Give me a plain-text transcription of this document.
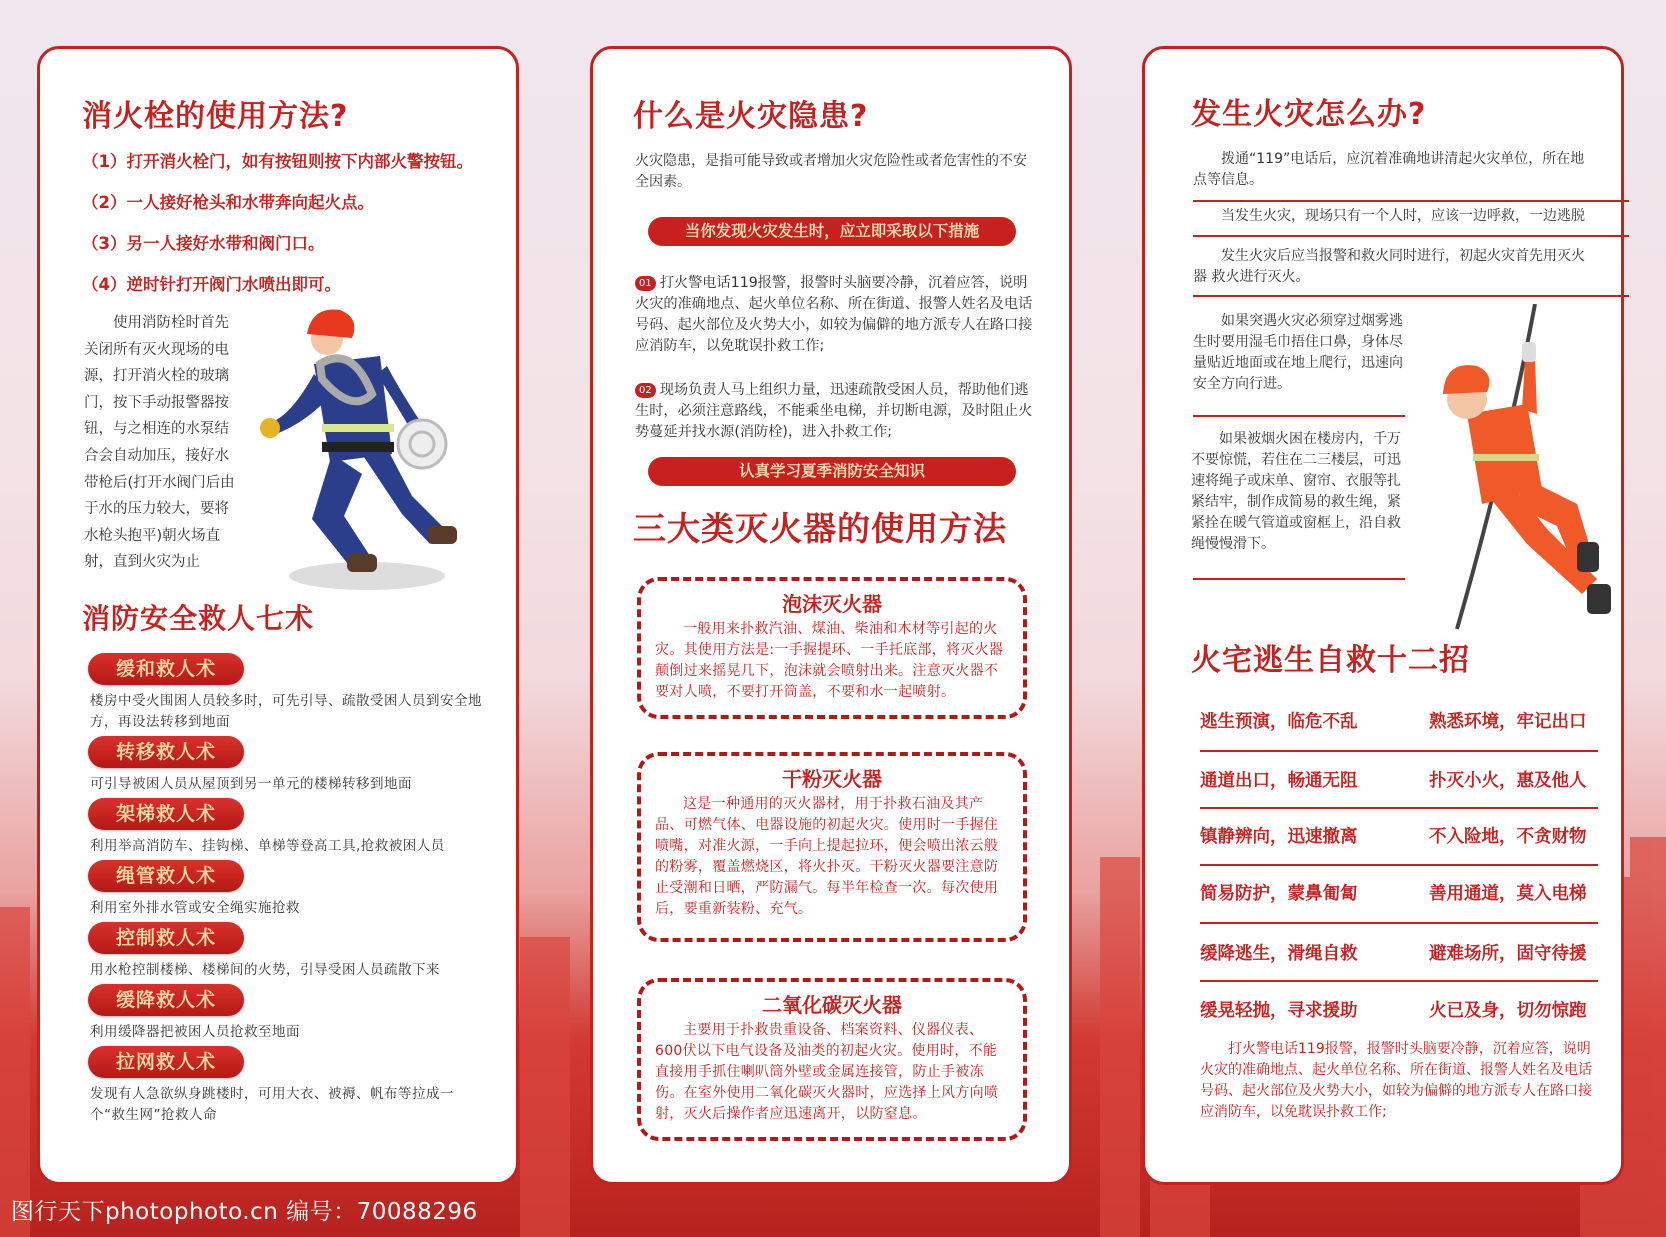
消火栓的使用方法?
（1）打开消火栓门，如有按钮则按下内部火警按钮。
（2）一人接好枪头和水带奔向起火点。
（3）另一人接好水带和阀门口。
（4）逆时针打开阀门水喷出即可。
使用消防栓时首先关闭所有灭火现场的电源，打开消火栓的玻璃门，按下手动报警器按钮，与之相连的水泵结合会自动加压，接好水带枪后(打开水阀门后由于水的压力较大，要将水枪头抱平)朝火场直射，直到火灾为止
消防安全救人七术
缓和救人术
楼房中受火围困人员较多时，可先引导、疏散受困人员到安全地方，再设法转移到地面
转移救人术
可引导被困人员从屋顶到另一单元的楼梯转移到地面
架梯救人术
利用举高消防车、挂钩梯、单梯等登高工具,抢救被困人员
绳管救人术
利用室外排水管或安全绳实施抢救
控制救人术
用水枪控制楼梯、楼梯间的火势，引导受困人员疏散下来
缓降救人术
利用缓降器把被困人员抢救至地面
拉网救人术
发现有人急欲纵身跳楼时，可用大衣、被褥、帆布等拉成一个“救生网”抢救人命
什么是火灾隐患?
火灾隐患，是指可能导致或者增加火灾危险性或者危害性的不安全因素。
当你发现火灾发生时，应立即采取以下措施
01 打火警电话119报警，报警时头脑要冷静，沉着应答，说明火灾的准确地点、起火单位名称、所在街道、报警人姓名及电话号码、起火部位及火势大小，如较为偏僻的地方派专人在路口接应消防车，以免耽误扑救工作;
02 现场负责人马上组织力量，迅速疏散受困人员，帮助他们逃生时，必须注意路线，不能乘坐电梯，并切断电源，及时阻止火势蔓延并找水源(消防栓)，进入扑救工作;
认真学习夏季消防安全知识
三大类灭火器的使用方法
泡沫灭火器
一般用来扑救汽油、煤油、柴油和木材等引起的火灾。其使用方法是:一手握提环、一手托底部，将灭火器颠倒过来摇晃几下，泡沫就会喷射出来。注意灭火器不要对人喷，不要打开筒盖，不要和水一起喷射。
干粉灭火器
这是一种通用的灭火器材，用于扑救石油及其产品、可燃气体、电器设施的初起火灾。使用时一手握住喷嘴，对准火源，一手向上提起拉环，便会喷出浓云般的粉雾，覆盖燃烧区，将火扑灭。干粉灭火器要注意防止受潮和日晒，严防漏气。每半年检查一次。每次使用后，要重新装粉、充气。
二氧化碳灭火器
主要用于扑救贵重设备、档案资料、仪器仪表、600伏以下电气设备及油类的初起火灾。使用时，不能直接用手抓住喇叭筒外壁或金属连接管，防止手被冻伤。在室外使用二氧化碳灭火器时，应选择上风方向喷射，灭火后操作者应迅速离开，以防窒息。
发生火灾怎么办?
拨通“119”电话后，应沉着准确地讲清起火灾单位，所在地点等信息。
当发生火灾，现场只有一个人时，应该一边呼救，一边逃脱
发生火灾后应当报警和救火同时进行，初起火灾首先用灭火器 救火进行灭火。
如果突遇火灾必须穿过烟雾逃生时要用湿毛巾捂住口鼻，身体尽量贴近地面或在地上爬行，迅速向安全方向行进。
如果被烟火困在楼房内，千万不要惊慌，若住在二三楼层，可迅速将绳子或床单、窗帘、衣服等扎紧结牢，制作成简易的救生绳，紧紧拴在暖气管道或窗框上，沿自救绳慢慢滑下。
火宅逃生自救十二招
逃生预演，临危不乱	熟悉环境，牢记出口
通道出口，畅通无阻	扑灭小火，惠及他人
镇静辨向，迅速撤离	不入险地，不贪财物
简易防护，蒙鼻匍匐	善用通道，莫入电梯
缓降逃生，滑绳自救	避难场所，固守待援
缓晃轻抛，寻求援助	火已及身，切勿惊跑
打火警电话119报警，报警时头脑要冷静，沉着应答，说明火灾的准确地点、起火单位名称、所在街道、报警人姓名及电话号码、起火部位及火势大小，如较为偏僻的地方派专人在路口接应消防车，以免耽误扑救工作;
图行天下photophoto.cn 编号：70088296
